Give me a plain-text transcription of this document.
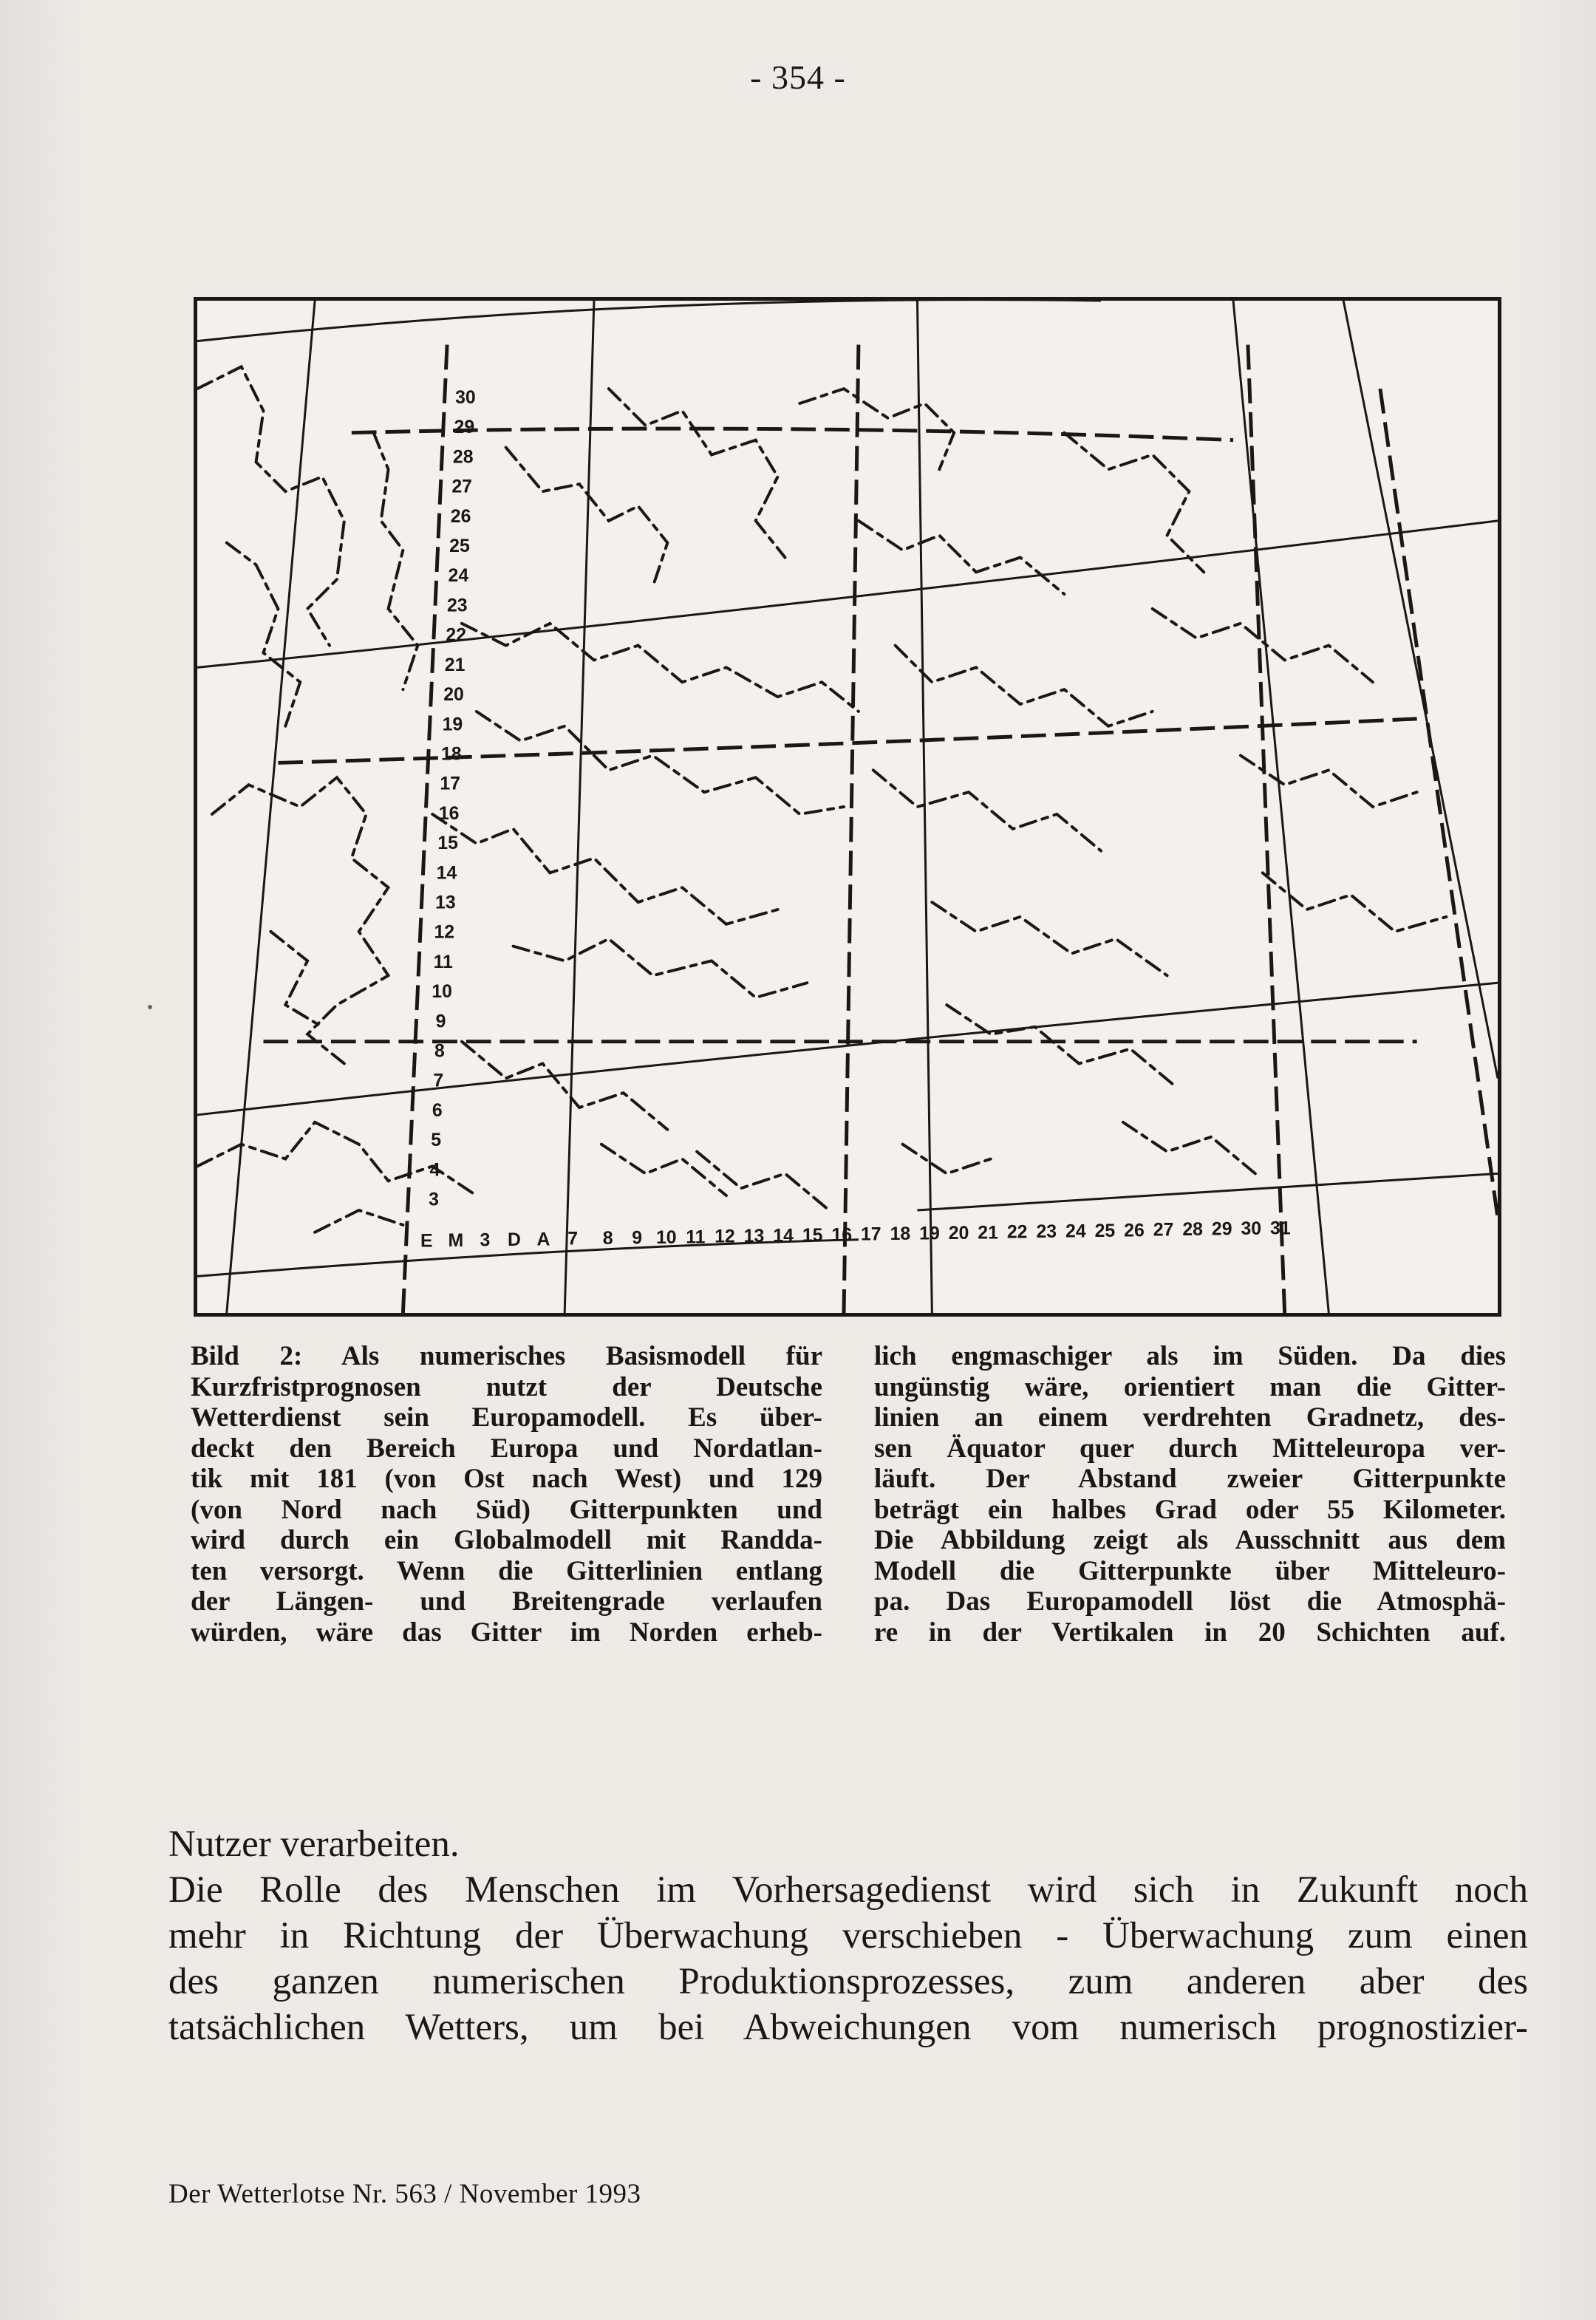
- 354 -
30
29
28
27
26
25
24
23
22
21
20
19
18
17
16
15
14
13
12
11
10
9
8
7
6
5
4
3
E M 3 D A 7 8 9 10 11 12 13 14 15 16 17 18 19 20 21 22 23 24 25 26 27 28 29 30 31
Bild 2: Als numerisches Basismodell für
Kurzfristprognosen nutzt der Deutsche
Wetterdienst sein Europamodell. Es über-
deckt den Bereich Europa und Nordatlan-
tik mit 181 (von Ost nach West) und 129
(von Nord nach Süd) Gitterpunkten und
wird durch ein Globalmodell mit Randda-
ten versorgt. Wenn die Gitterlinien entlang
der Längen- und Breitengrade verlaufen
würden, wäre das Gitter im Norden erheb-
lich engmaschiger als im Süden. Da dies
ungünstig wäre, orientiert man die Gitter-
linien an einem verdrehten Gradnetz, des-
sen Äquator quer durch Mitteleuropa ver-
läuft. Der Abstand zweier Gitterpunkte
beträgt ein halbes Grad oder 55 Kilometer.
Die Abbildung zeigt als Ausschnitt aus dem
Modell die Gitterpunkte über Mitteleuro-
pa. Das Europamodell löst die Atmosphä-
re in der Vertikalen in 20 Schichten auf.
Nutzer verarbeiten.
Die Rolle des Menschen im Vorhersagedienst wird sich in Zukunft noch
mehr in Richtung der Überwachung verschieben - Überwachung zum einen
des ganzen numerischen Produktionsprozesses, zum anderen aber des
tatsächlichen Wetters, um bei Abweichungen vom numerisch prognostizier-
Der Wetterlotse Nr. 563 / November 1993
